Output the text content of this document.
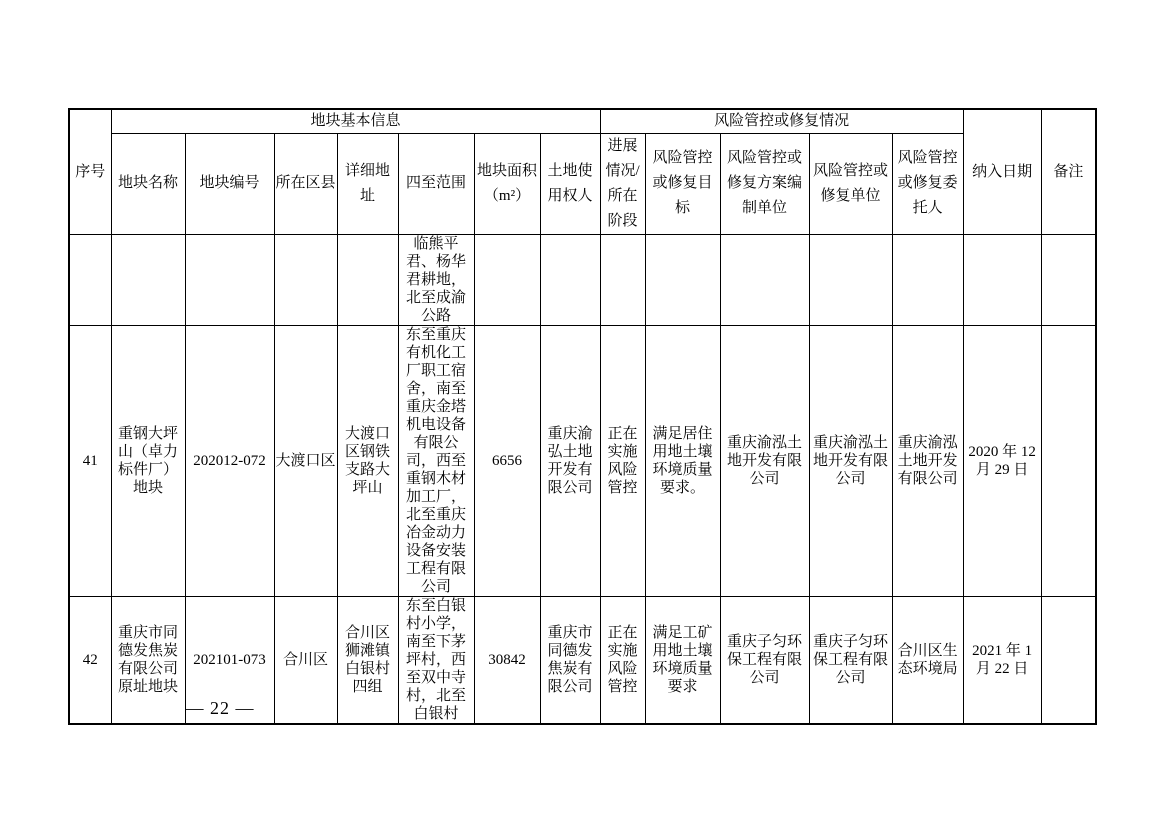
序号	地块基本信息							风险管控或修复情况					纳入日期	备注
	地块名称	地块编号	所在区县	详细地址	四至范围	地块面积（m²）	土地使用权人	进展情况/所在阶段	风险管控或修复目标	风险管控或修复方案编制单位	风险管控或修复单位	风险管控或修复委托人		
					临熊平君、杨华君耕地，北至成渝公路									
41	重钢大坪山（卓力标件厂）地块	202012-072	大渡口区	大渡口区钢铁支路大坪山	东至重庆有机化工厂职工宿舍，南至重庆金塔机电设备有限公司，西至重钢木材加工厂，北至重庆冶金动力设备安装工程有限公司	6656	重庆渝弘土地开发有限公司	正在实施风险管控	满足居住用地土壤环境质量要求。	重庆渝泓土地开发有限公司	重庆渝泓土地开发有限公司	重庆渝泓土地开发有限公司	2020 年 12 月 29 日	
42	重庆市同德发焦炭有限公司原址地块	202101-073	合川区	合川区狮滩镇白银村四组	东至白银村小学，南至下茅坪村，西至双中寺村，北至白银村	30842	重庆市同德发焦炭有限公司	正在实施风险管控	满足工矿用地土壤环境质量要求	重庆子匀环保工程有限公司	重庆子匀环保工程有限公司	合川区生态环境局	2021 年 1 月 22 日	
— 22 —
